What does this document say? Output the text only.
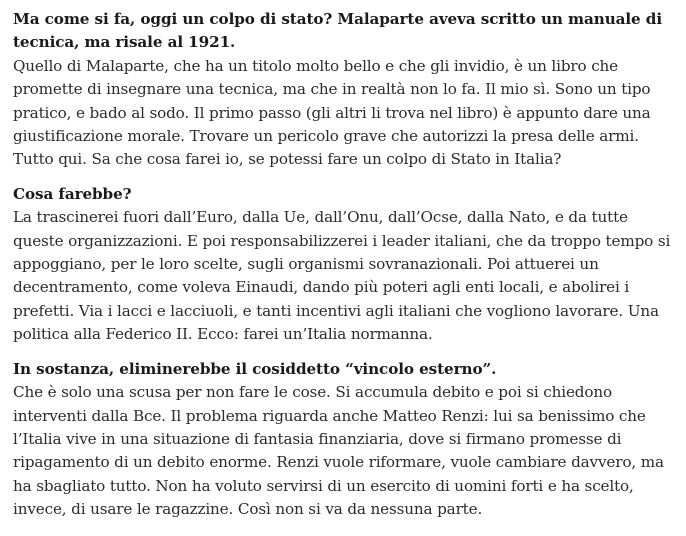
Ma come si fa, oggi un colpo di stato? Malaparte aveva scritto un manuale di tecnica, ma risale al 1921.
Quello di Malaparte, che ha un titolo molto bello e che gli invidio, è un libro che promette di insegnare una tecnica, ma che in realtà non lo fa. Il mio sì. Sono un tipo pratico, e bado al sodo. Il primo passo (gli altri li trova nel libro) è appunto dare una giustificazione morale. Trovare un pericolo grave che autorizzi la presa delle armi. Tutto qui. Sa che cosa farei io, se potessi fare un colpo di Stato in Italia?
Cosa farebbe?
La trascinerei fuori dall’Euro, dalla Ue, dall’Onu, dall’Ocse, dalla Nato, e da tutte queste organizzazioni. E poi responsabilizzerei i leader italiani, che da troppo tempo si appoggiano, per le loro scelte, sugli organismi sovranazionali. Poi attuerei un decentramento, come voleva Einaudi, dando più poteri agli enti locali, e abolirei i prefetti. Via i lacci e lacciuoli, e tanti incentivi agli italiani che vogliono lavorare. Una politica alla Federico II. Ecco: farei un’Italia normanna.
In sostanza, eliminerebbe il cosiddetto “vincolo esterno”.
Che è solo una scusa per non fare le cose. Si accumula debito e poi si chiedono interventi dalla Bce. Il problema riguarda anche Matteo Renzi: lui sa benissimo che l’Italia vive in una situazione di fantasia finanziaria, dove si firmano promesse di ripagamento di un debito enorme. Renzi vuole riformare, vuole cambiare davvero, ma ha sbagliato tutto. Non ha voluto servirsi di un esercito di uomini forti e ha scelto, invece, di usare le ragazzine. Così non si va da nessuna parte.
